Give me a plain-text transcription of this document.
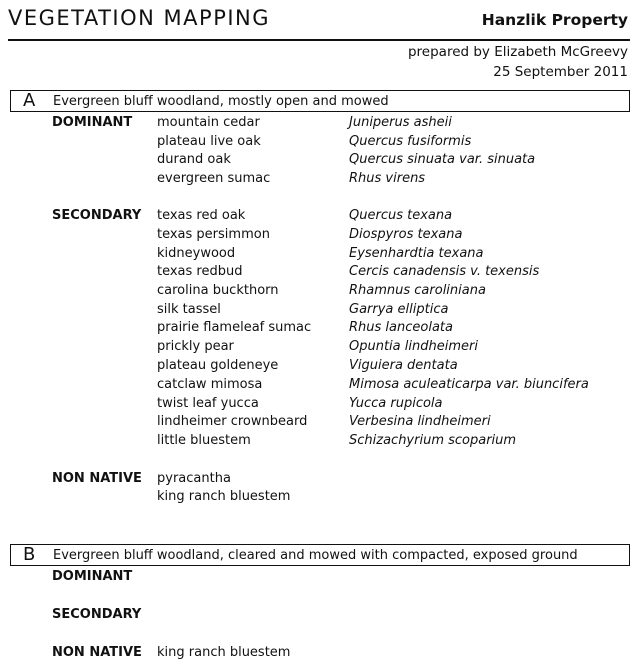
VEGETATION MAPPING	Hanzlik Property
prepared by Elizabeth McGreevy
25 September 2011
A Evergreen bluff woodland, mostly open and mowed
DOMINANT mountain cedar	Juniperus asheii
plateau live oak	Quercus fusiformis
durand oak	Quercus sinuata var. sinuata
evergreen sumac	Rhus virens
SECONDARY texas red oak	Quercus texana
texas persimmon	Diospyros texana
kidneywood	Eysenhardtia texana
texas redbud	Cercis canadensis v. texensis
carolina buckthorn	Rhamnus caroliniana
silk tassel	Garrya elliptica
prairie flameleaf sumac	Rhus lanceolata
prickly pear	Opuntia lindheimeri
plateau goldeneye	Viguiera dentata
catclaw mimosa	Mimosa aculeaticarpa var. biuncifera
twist leaf yucca	Yucca rupicola
lindheimer crownbeard	Verbesina lindheimeri
little bluestem	Schizachyrium scoparium
NON NATIVE pyracantha
king ranch bluestem
B Evergreen bluff woodland, cleared and mowed with compacted, exposed ground
DOMINANT
SECONDARY
NON NATIVE king ranch bluestem
